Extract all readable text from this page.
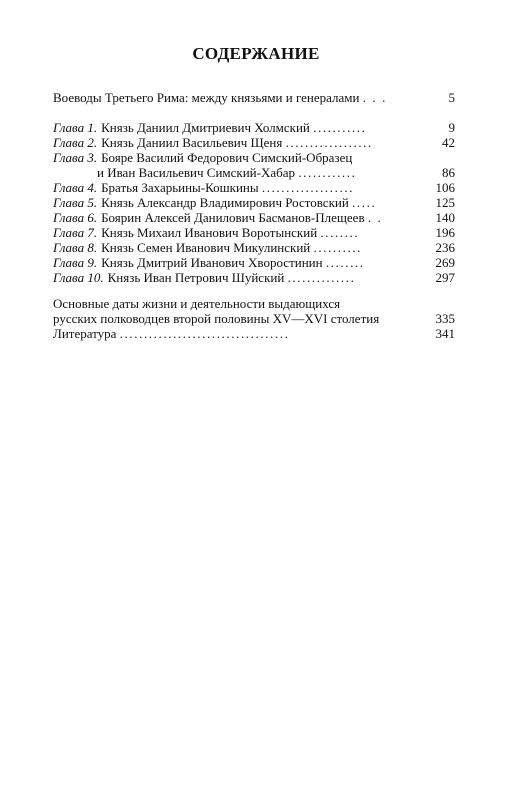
СОДЕРЖАНИЕ
Воеводы Третьего Рима: между князьями и генералами . . .	5
Глава 1. Князь Даниил Дмитриевич Холмский ...........	9
Глава 2. Князь Даниил Васильевич Щеня ..................	42
Глава 3. Бояре Василий Федорович Симский-Образец
и Иван Васильевич Симский-Хабар ............	86
Глава 4. Братья Захарьины-Кошкины ...................	106
Глава 5. Князь Александр Владимирович Ростовский .....	125
Глава 6. Боярин Алексей Данилович Басманов-Плещеев . .	140
Глава 7. Князь Михаил Иванович Воротынский ........	196
Глава 8. Князь Семен Иванович Микулинский ..........	236
Глава 9. Князь Дмитрий Иванович Хворостинин ........	269
Глава 10. Князь Иван Петрович Шуйский ..............	297
Основные даты жизни и деятельности выдающихся
русских полководцев второй половины XV—XVI столетия	335
Литература ...................................	341
